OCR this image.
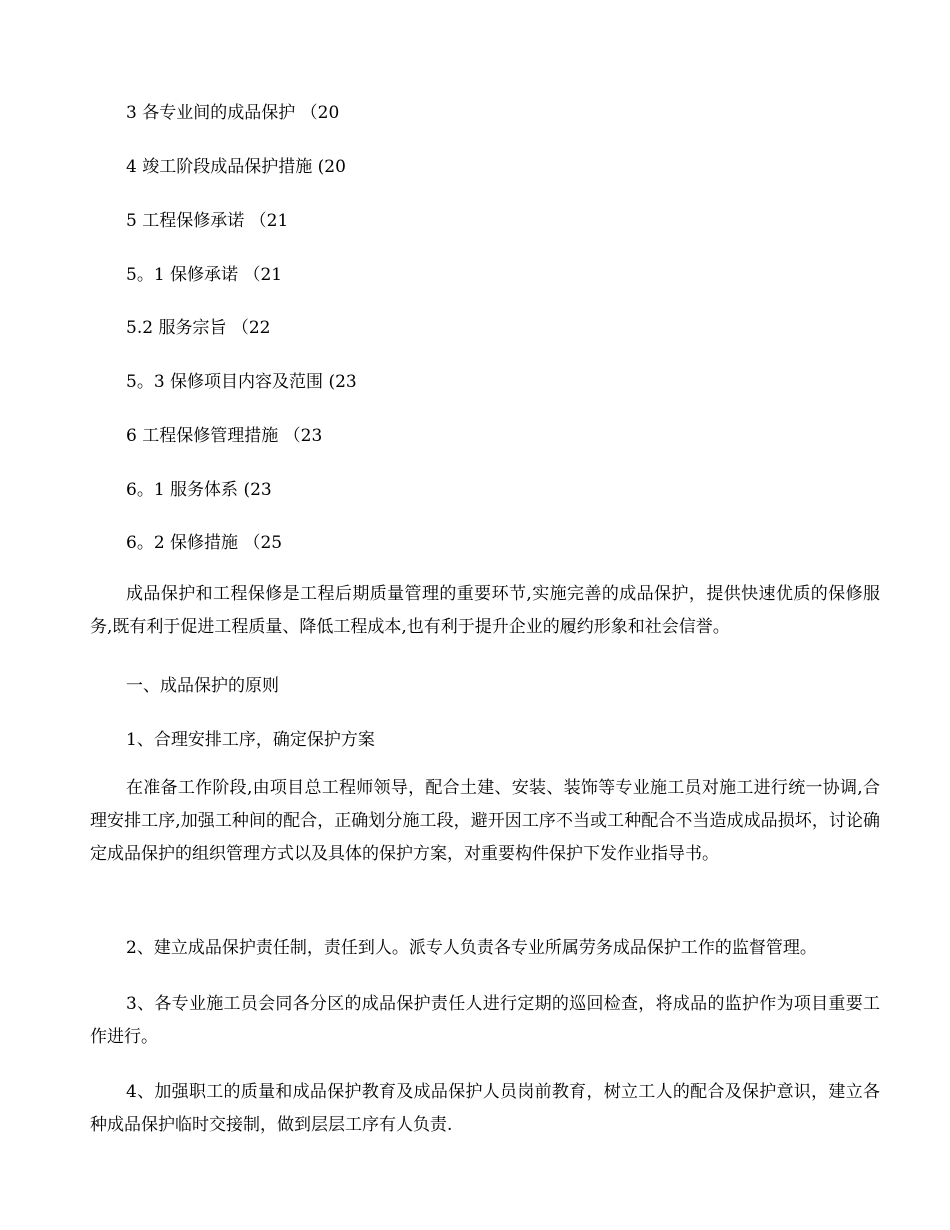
3 各专业间的成品保护 （20
4 竣工阶段成品保护措施 (20
5 工程保修承诺 （21
5。1 保修承诺 （21
5.2 服务宗旨 （22
5。3 保修项目内容及范围 (23
6 工程保修管理措施 （23
6。1 服务体系 (23
6。2 保修措施 （25
成品保护和工程保修是工程后期质量管理的重要环节,实施完善的成品保护，提供快速优质的保修服务,既有利于促进工程质量、降低工程成本,也有利于提升企业的履约形象和社会信誉。
一、成品保护的原则
1、合理安排工序，确定保护方案
在准备工作阶段,由项目总工程师领导，配合土建、安装、装饰等专业施工员对施工进行统一协调,合理安排工序,加强工种间的配合，正确划分施工段，避开因工序不当或工种配合不当造成成品损坏，讨论确定成品保护的组织管理方式以及具体的保护方案，对重要构件保护下发作业指导书。
2、建立成品保护责任制，责任到人。派专人负责各专业所属劳务成品保护工作的监督管理。
3、各专业施工员会同各分区的成品保护责任人进行定期的巡回检查，将成品的监护作为项目重要工作进行。
4、加强职工的质量和成品保护教育及成品保护人员岗前教育，树立工人的配合及保护意识，建立各种成品保护临时交接制，做到层层工序有人负责.
